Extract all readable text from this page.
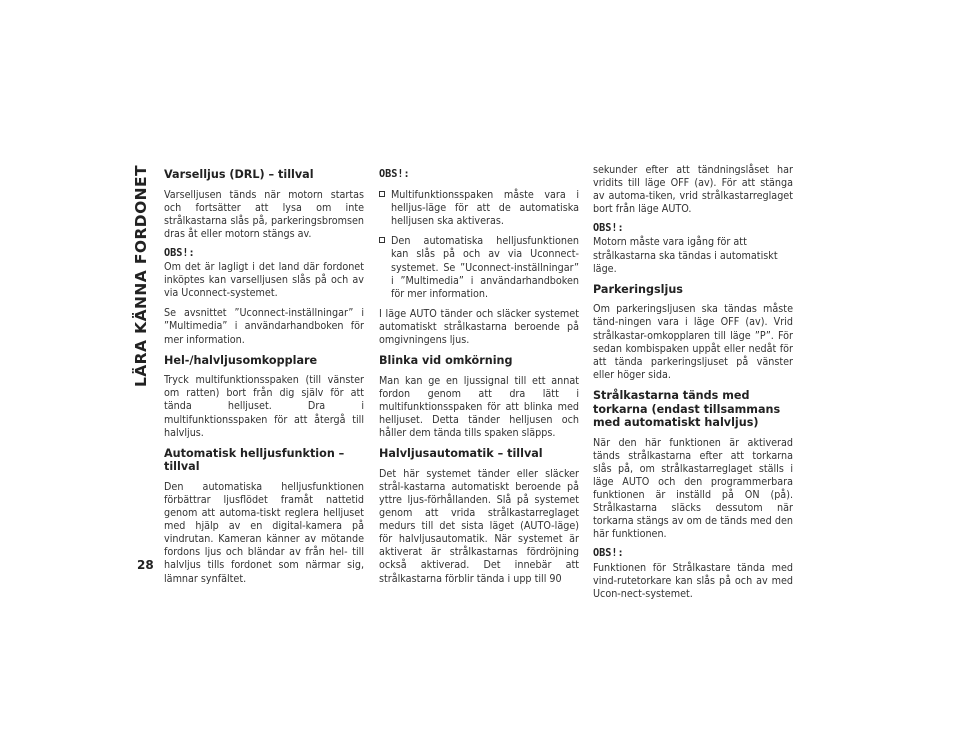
LÄRA KÄNNA FORDONET
28
Varselljus (DRL) – tillval

Varselljusen tänds när motorn startas och fortsätter att lysa om inte strålkastarna slås på, parkeringsbromsen dras åt eller motorn stängs av.

OBS!:

Om det är lagligt i det land där fordonet inköptes kan varselljusen slås på och av via Uconnect-systemet.

Se avsnittet ”Uconnect-inställningar” i ”Multimedia” i användarhandboken för mer information.

Hel-/halvljusomkopplare

Tryck multifunktionsspaken (till vänster om ratten) bort från dig själv för att tända helljuset. Dra i multifunktionsspaken för att återgå till halvljus.

Automatisk helljusfunktion – tillval

Den automatiska helljusfunktionen förbättrar ljusflödet framåt nattetid genom att automa-tiskt reglera helljuset med hjälp av en digital-kamera på vindrutan. Kameran känner av mötande fordons ljus och bländar av från hel- till halvljus tills fordonet som närmar sig, lämnar synfältet.

OBS!:
Multifunktionsspaken måste vara i helljus-läge för att de automatiska helljusen ska aktiveras.
Den automatiska helljusfunktionen kan slås på och av via Uconnect-systemet. Se ”Uconnect-inställningar” i ”Multimedia” i användarhandboken för mer information.

I läge AUTO tänder och släcker systemet automatiskt strålkastarna beroende på omgivningens ljus.

Blinka vid omkörning

Man kan ge en ljussignal till ett annat fordon genom att dra lätt i multifunktionsspaken för att blinka med helljuset. Detta tänder helljusen och håller dem tända tills spaken släpps.

Halvljusautomatik – tillval

Det här systemet tänder eller släcker strål-kastarna automatiskt beroende på yttre ljus-förhållanden. Slå på systemet genom att vrida strålkastarreglaget medurs till det sista läget (AUTO-läge) för halvljusautomatik. När systemet är aktiverat är strålkastarnas fördröjning också aktiverad. Det innebär att strålkastarna förblir tända i upp till 90

sekunder efter att tändningslåset har vridits till läge OFF (av). För att stänga av automa-tiken, vrid strålkastarreglaget bort från läge AUTO.

OBS!:

Motorn måste vara igång för att strålkastarna ska tändas i automatiskt läge.

Parkeringsljus

Om parkeringsljusen ska tändas måste tänd-ningen vara i läge OFF (av). Vrid strålkastar-omkopplaren till läge ”P”. För sedan kombispaken uppåt eller nedåt för att tända parkeringsljuset på vänster eller höger sida.

Strålkastarna tänds med torkarna (endast tillsammans med automatiskt halvljus)

När den här funktionen är aktiverad tänds strålkastarna efter att torkarna slås på, om strålkastarreglaget ställs i läge AUTO och den programmerbara funktionen är inställd på ON (på). Strålkastarna släcks dessutom när torkarna stängs av om de tänds med den här funktionen.

OBS!:

Funktionen för Strålkastare tända med vind-rutetorkare kan slås på och av med Ucon-nect-systemet.
